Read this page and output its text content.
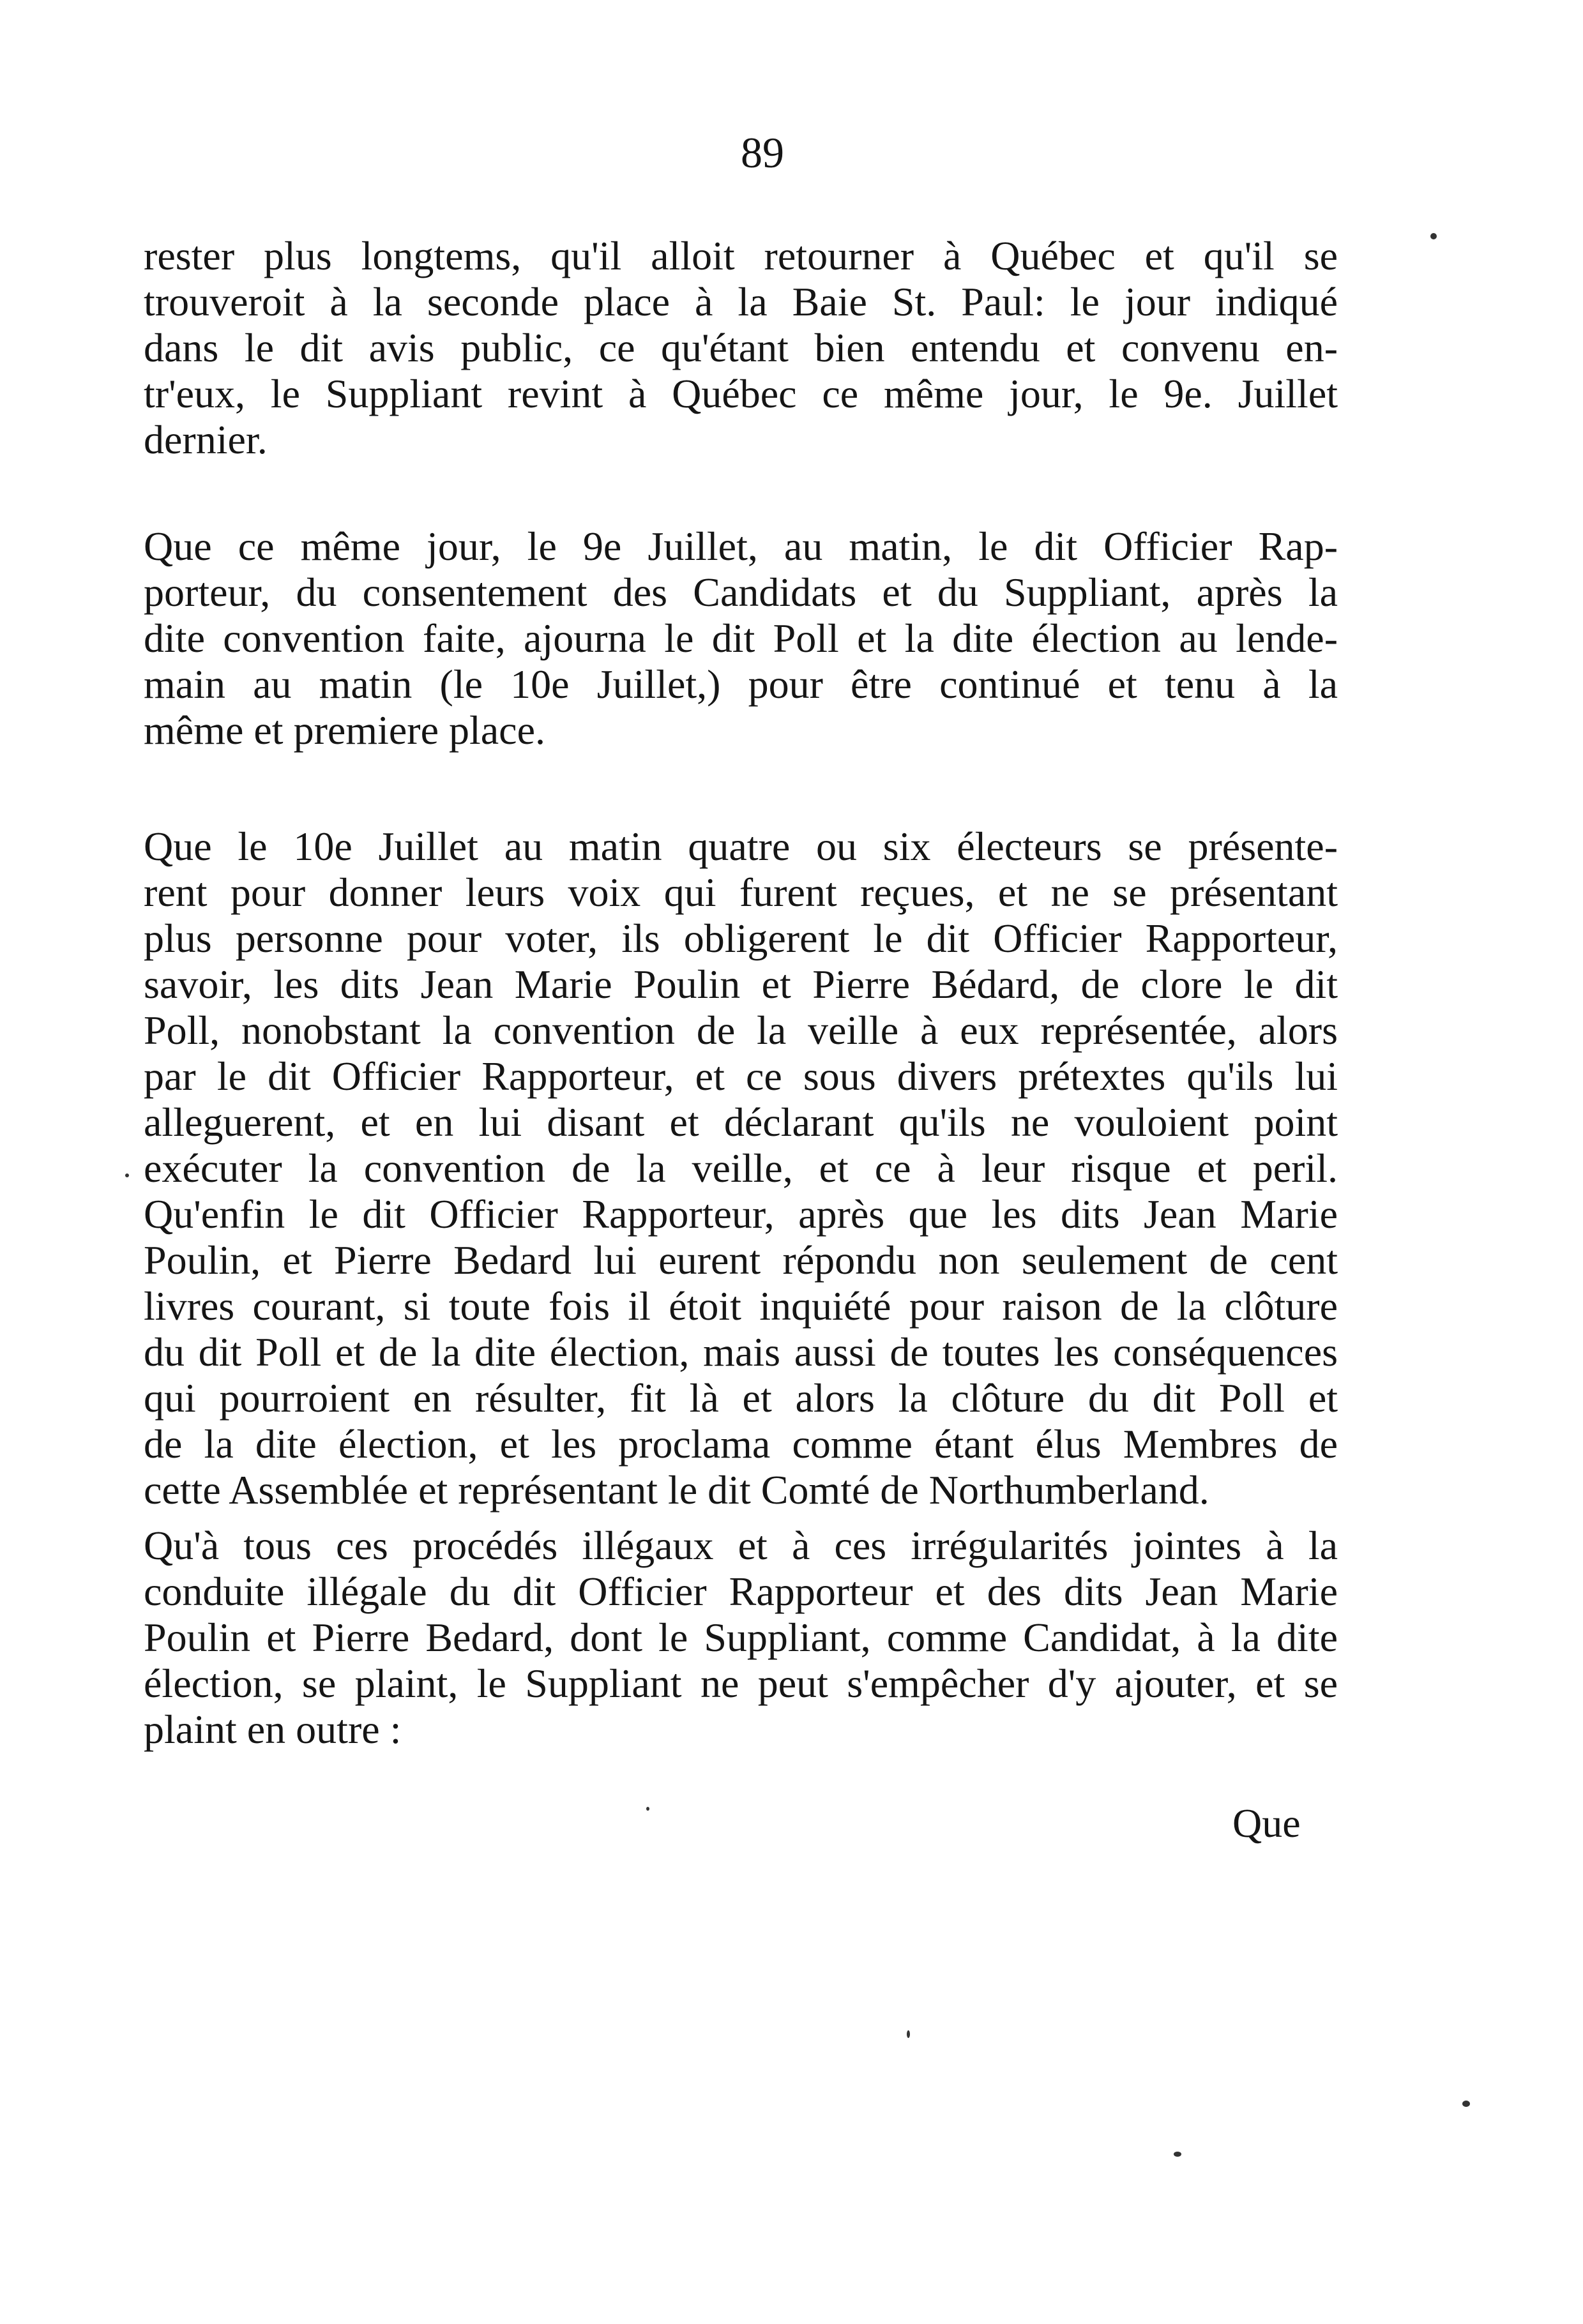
89
rester plus longtems, qu'il alloit retourner à Québec et qu'il se
trouveroit à la seconde place à la Baie St. Paul: le jour indiqué
dans le dit avis public, ce qu'étant bien entendu et convenu en-
tr'eux, le Suppliant revint à Québec ce même jour, le 9e. Juillet
dernier.
Que ce même jour, le 9e Juillet, au matin, le dit Officier Rap-
porteur, du consentement des Candidats et du Suppliant, après la
dite convention faite, ajourna le dit Poll et la dite élection au lende-
main au matin (le 10e Juillet,) pour être continué et tenu à la
même et premiere place.
Que le 10e Juillet au matin quatre ou six électeurs se présente-
rent pour donner leurs voix qui furent reçues, et ne se présentant
plus personne pour voter, ils obligerent le dit Officier Rapporteur,
savoir, les dits Jean Marie Poulin et Pierre Bédard, de clore le dit
Poll, nonobstant la convention de la veille à eux représentée, alors
par le dit Officier Rapporteur, et ce sous divers prétextes qu'ils lui
alleguerent, et en lui disant et déclarant qu'ils ne vouloient point
exécuter la convention de la veille, et ce à leur risque et peril.
Qu'enfin le dit Officier Rapporteur, après que les dits Jean Marie
Poulin, et Pierre Bedard lui eurent répondu non seulement de cent
livres courant, si toute fois il étoit inquiété pour raison de la clôture
du dit Poll et de la dite élection, mais aussi de toutes les conséquences
qui pourroient en résulter, fit là et alors la clôture du dit Poll et
de la dite élection, et les proclama comme étant élus Membres de
cette Assemblée et représentant le dit Comté de Northumberland.
Qu'à tous ces procédés illégaux et à ces irrégularités jointes à la
conduite illégale du dit Officier Rapporteur et des dits Jean Marie
Poulin et Pierre Bedard, dont le Suppliant, comme Candidat, à la dite
élection, se plaint, le Suppliant ne peut s'empêcher d'y ajouter, et se
plaint en outre :
Que
